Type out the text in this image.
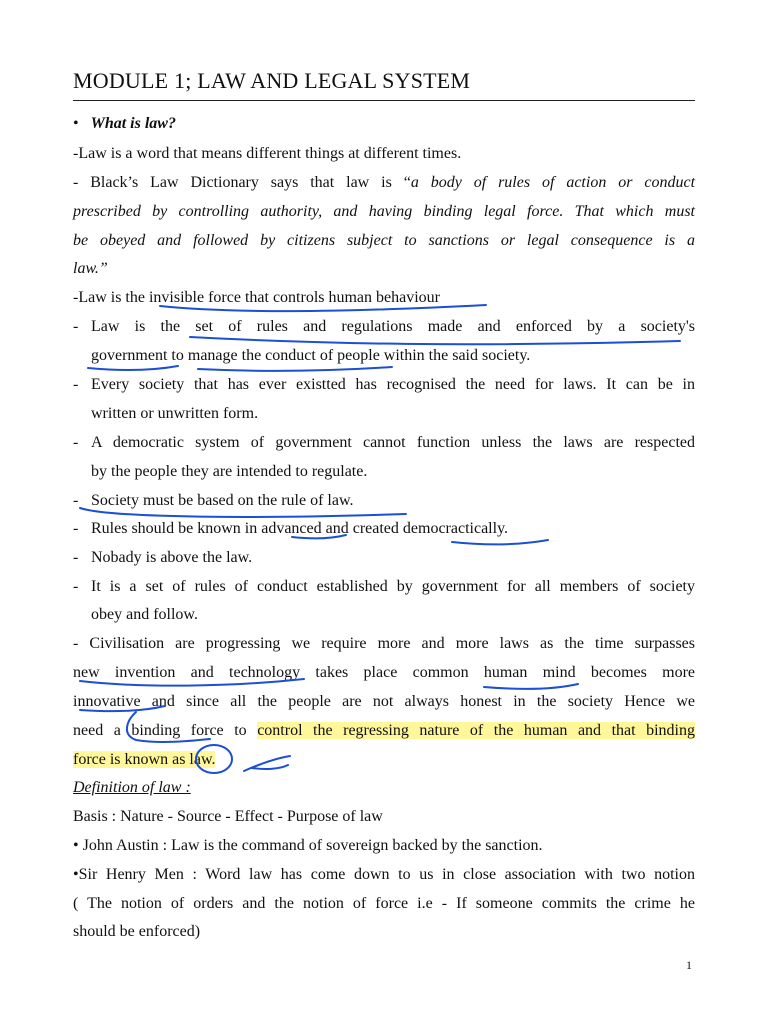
MODULE 1; LAW AND LEGAL SYSTEM
• What is law?
-Law is a word that means different things at different times.
- Black’s Law Dictionary says that law is “a body of rules of action or conduct
prescribed by controlling authority, and having binding legal force. That which must
be obeyed and followed by citizens subject to sanctions or legal consequence is a
law.”
-Law is the invisible force that controls human behaviour
- Law is the set of rules and regulations made and enforced by a society's
government to manage the conduct of people within the said society.
- Every society that has ever existted has recognised the need for laws. It can be in
written or unwritten form.
- A democratic system of government cannot function unless the laws are respected
by the people they are intended to regulate.
- Society must be based on the rule of law.
- Rules should be known in advanced and created democractically.
- Nobady is above the law.
- It is a set of rules of conduct established by government for all members of society
obey and follow.
- Civilisation are progressing we require more and more laws as the time surpasses
new invention and technology takes place common human mind becomes more
innovative and since all the people are not always honest in the society Hence we
need a binding force to control the regressing nature of the human and that binding
force is known as law.
Definition of law :
Basis : Nature - Source - Effect - Purpose of law
• John Austin : Law is the command of sovereign backed by the sanction.
•Sir Henry Men : Word law has come down to us in close association with two notion
( The notion of orders and the notion of force i.e - If someone commits the crime he
should be enforced)
1
